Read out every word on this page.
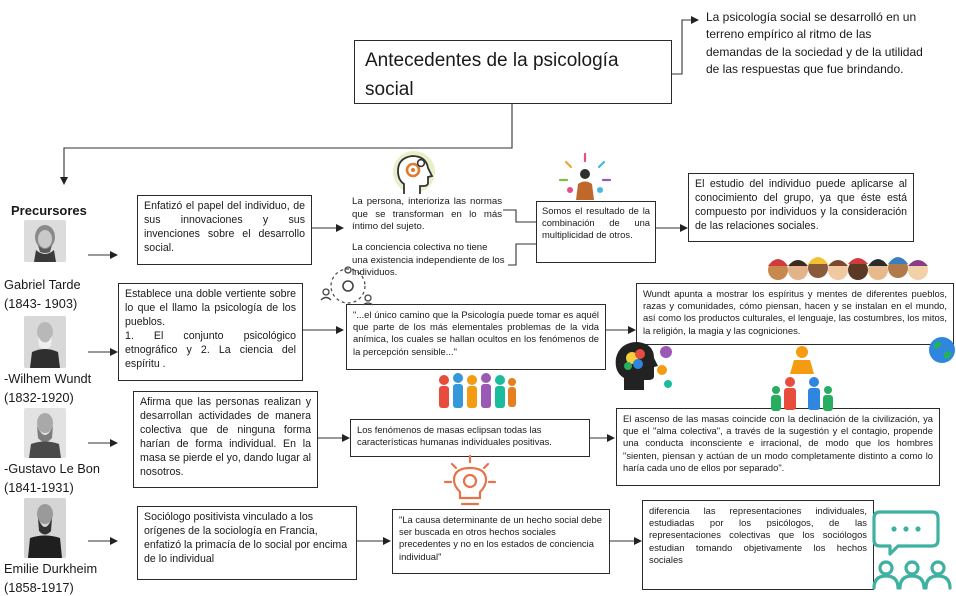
Antecedentes de la psicología social
La psicología social se desarrolló en un terreno empírico al ritmo de las demandas de la sociedad y de la utilidad de las respuestas que fue brindando.
Precursores
Gabriel Tarde
(1843- 1903)
-Wilhem Wundt
(1832-1920)
-Gustavo Le Bon
(1841-1931)
Emilie Durkheim
(1858-1917)
Enfatizó el papel del individuo, de sus innovaciones y sus invenciones sobre el desarrollo social.
La persona, interioriza las normas que se transforman en lo más íntimo del sujeto.
La conciencia colectiva no tiene una existencia independiente de los individuos.
Somos el resultado de la combinación de una multiplicidad de otros.
El estudio del individuo puede aplicarse al conocimiento del grupo, ya que éste está compuesto por individuos y la consideración de las relaciones sociales.
Establece una doble vertiente sobre lo que el llamo la psicología de los pueblos.
1. El conjunto psicológico etnográfico y 2. La ciencia del espíritu .
"...el único camino que la Psicología puede tomar es aquél que parte de los más elementales problemas de la vida anímica, los cuales se hallan ocultos en los fenómenos de la percepción sensible..."
Wundt apunta a mostrar los espíritus y mentes de diferentes pueblos, razas y comunidades, cómo piensan, hacen y se instalan en el mundo, así como los productos culturales, el lenguaje, las costumbres, los mitos, la religión, la magia y las cogniciones.
Afirma que las personas realizan y desarrollan actividades de manera colectiva que de ninguna forma harían de forma individual. En la masa se pierde el yo, dando lugar al nosotros.
Los fenómenos de masas eclipsan todas las características humanas individuales positivas.
El ascenso de las masas coincide con la declinación de la civilización, ya que el "alma colectiva", a través de la sugestión y el contagio, propende una conducta inconsciente e irracional, de modo que los hombres "sienten, piensan y actúan de un modo completamente distinto a como lo haría cada uno de ellos por separado".
Sociólogo positivista vinculado a los orígenes de la sociología en Francia, enfatizó la primacía de lo social por encima de lo individual
"La causa determinante de un hecho social debe ser buscada en otros hechos sociales precedentes y no en los estados de conciencia individual"
diferencia las representaciones individuales, estudiadas por los psicólogos, de las representaciones colectivas que los sociólogos estudian tomando objetivamente los hechos sociales
